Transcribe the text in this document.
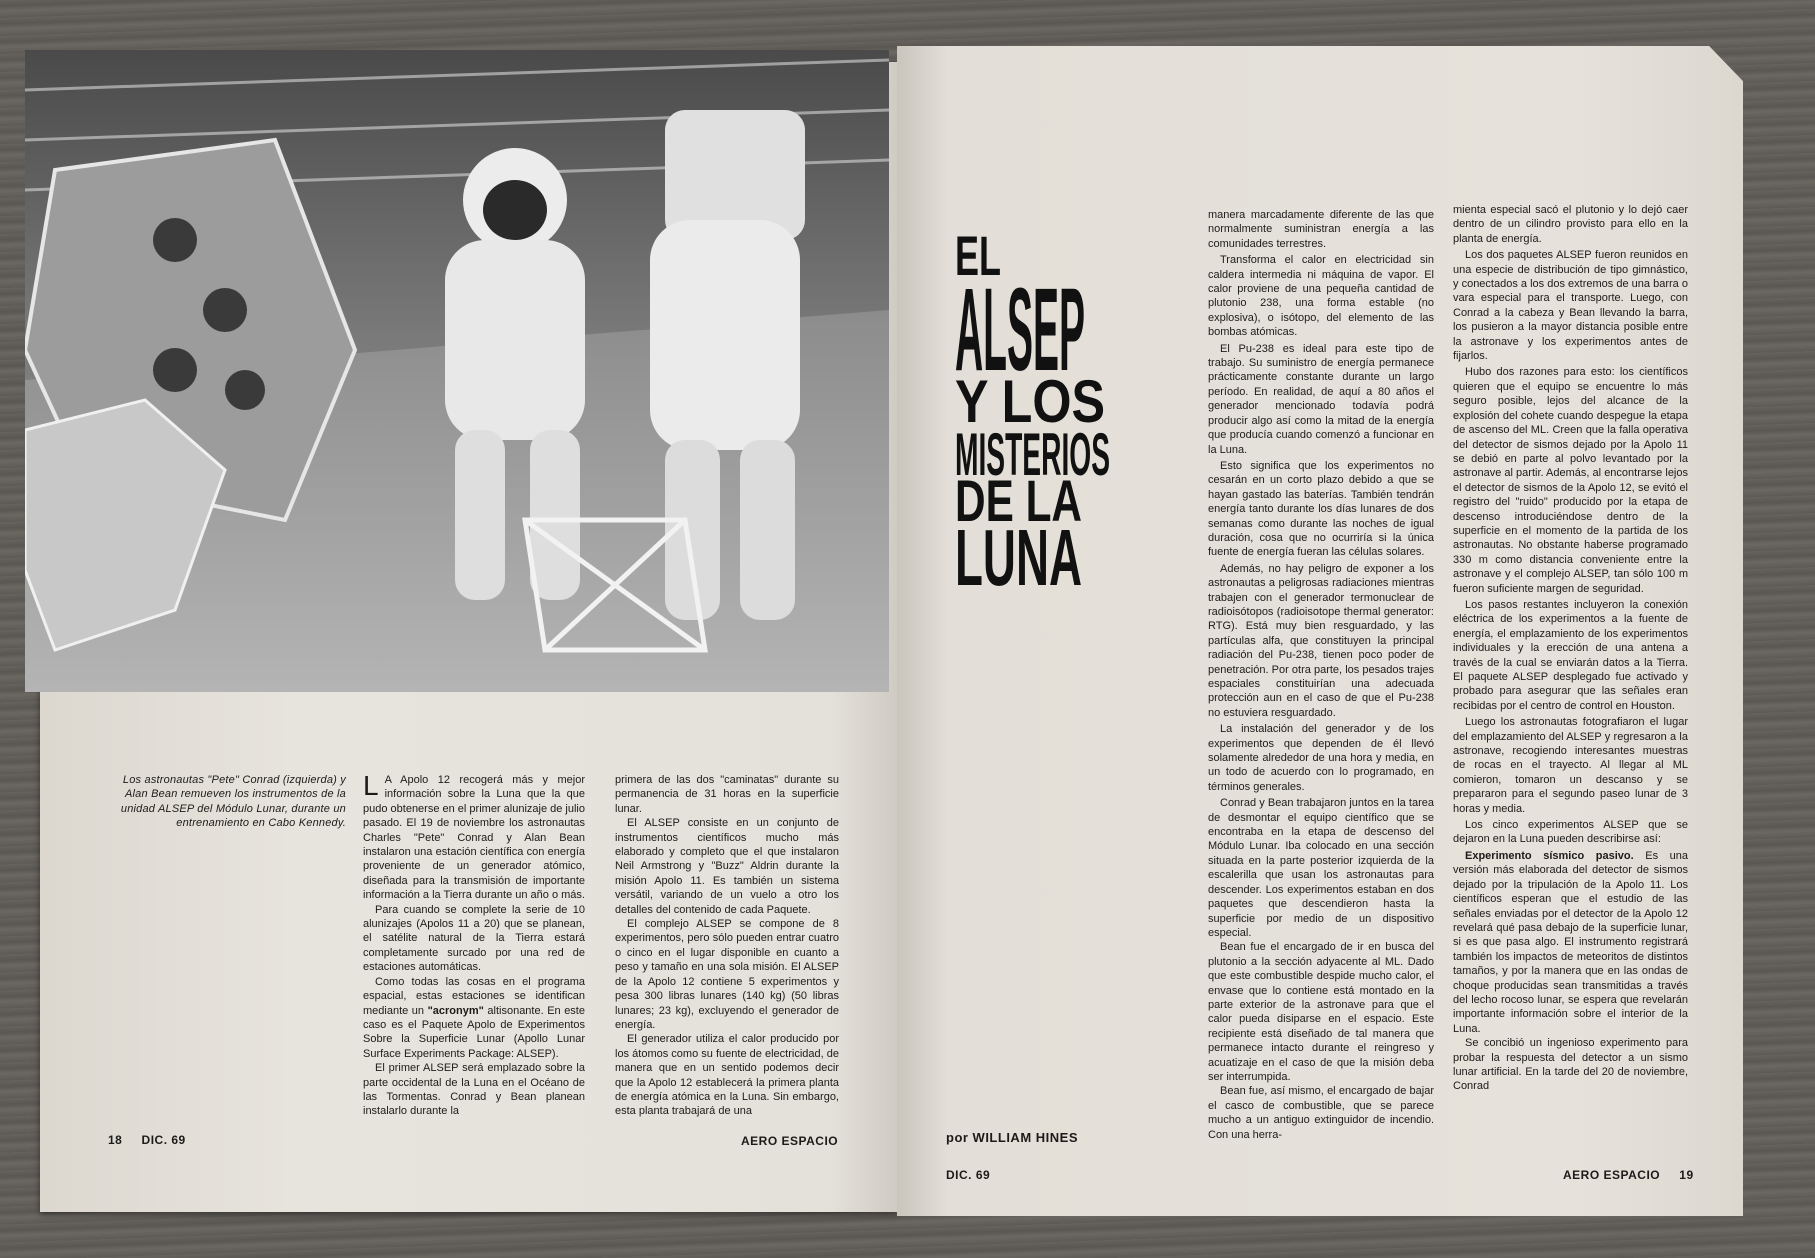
Los astronautas "Pete" Conrad (izquierda) y Alan Bean remueven los instrumentos de la unidad ALSEP del Módulo Lunar, durante un entrenamiento en Cabo Kennedy.

L A Apolo 12 recogerá más y mejor información sobre la Luna que la que pudo obtenerse en el primer alunizaje de julio pasado. El 19 de noviembre los astronautas Charles "Pete" Conrad y Alan Bean instalaron una estación científica con energía proveniente de un generador atómico, diseñada para la transmisión de importante información a la Tierra durante un año o más.

Para cuando se complete la serie de 10 alunizajes (Apolos 11 a 20) que se planean, el satélite natural de la Tierra estará completamente surcado por una red de estaciones automáticas.

Como todas las cosas en el programa espacial, estas estaciones se identifican mediante un "acronym" altisonante. En este caso es el Paquete Apolo de Experimentos Sobre la Superficie Lunar (Apollo Lunar Surface Experiments Package: ALSEP).

El primer ALSEP será emplazado sobre la parte occidental de la Luna en el Océano de las Tormentas. Conrad y Bean planean instalarlo durante la

primera de las dos "caminatas" durante su permanencia de 31 horas en la superficie lunar.

El ALSEP consiste en un conjunto de instrumentos científicos mucho más elaborado y completo que el que instalaron Neil Armstrong y "Buzz" Aldrin durante la misión Apolo 11. Es también un sistema versátil, variando de un vuelo a otro los detalles del contenido de cada Paquete.

El complejo ALSEP se compone de 8 experimentos, pero sólo pueden entrar cuatro o cinco en el lugar disponible en cuanto a peso y tamaño en una sola misión. El ALSEP de la Apolo 12 contiene 5 experimentos y pesa 300 libras lunares (140 kg) (50 libras lunares; 23 kg), excluyendo el generador de energía.

El generador utiliza el calor producido por los átomos como su fuente de electricidad, de manera que en un sentido podemos decir que la Apolo 12 establecerá la primera planta de energía atómica en la Luna. Sin embargo, esta planta trabajará de una

18 DIC. 69	AERO ESPACIO
EL
ALSEP
Y LOS
MISTERIOS
DE LA
LUNA

manera marcadamente diferente de las que normalmente suministran energía a las comunidades terrestres.

Transforma el calor en electricidad sin caldera intermedia ni máquina de vapor. El calor proviene de una pequeña cantidad de plutonio 238, una forma estable (no explosiva), o isótopo, del elemento de las bombas atómicas.

El Pu-238 es ideal para este tipo de trabajo. Su suministro de energía permanece prácticamente constante durante un largo período. En realidad, de aquí a 80 años el generador mencionado todavía podrá producir algo así como la mitad de la energía que producía cuando comenzó a funcionar en la Luna.

Esto significa que los experimentos no cesarán en un corto plazo debido a que se hayan gastado las baterías. También tendrán energía tanto durante los días lunares de dos semanas como durante las noches de igual duración, cosa que no ocurriría si la única fuente de energía fueran las células solares.

Además, no hay peligro de exponer a los astronautas a peligrosas radiaciones mientras trabajen con el generador termonuclear de radioisótopos (radioisotope thermal generator: RTG). Está muy bien resguardado, y las partículas alfa, que constituyen la principal radiación del Pu-238, tienen poco poder de penetración. Por otra parte, los pesados trajes espaciales constituirían una adecuada protección aun en el caso de que el Pu-238 no estuviera resguardado.

La instalación del generador y de los experimentos que dependen de él llevó solamente alrededor de una hora y media, en un todo de acuerdo con lo programado, en términos generales.

Conrad y Bean trabajaron juntos en la tarea de desmontar el equipo científico que se encontraba en la etapa de descenso del Módulo Lunar. Iba colocado en una sección situada en la parte posterior izquierda de la escalerilla que usan los astronautas para descender. Los experimentos estaban en dos paquetes que descendieron hasta la superficie por medio de un dispositivo especial.

Bean fue el encargado de ir en busca del plutonio a la sección adyacente al ML. Dado que este combustible despide mucho calor, el envase que lo contiene está montado en la parte exterior de la astronave para que el calor pueda disiparse en el espacio. Este recipiente está diseñado de tal manera que permanece intacto durante el reingreso y acuatizaje en el caso de que la misión deba ser interrumpida.

Bean fue, así mismo, el encargado de bajar el casco de combustible, que se parece mucho a un antiguo extinguidor de incendio. Con una herra-

mienta especial sacó el plutonio y lo dejó caer dentro de un cilindro provisto para ello en la planta de energía.

Los dos paquetes ALSEP fueron reunidos en una especie de distribución de tipo gimnástico, y conectados a los dos extremos de una barra o vara especial para el transporte. Luego, con Conrad a la cabeza y Bean llevando la barra, los pusieron a la mayor distancia posible entre la astronave y los experimentos antes de fijarlos.

Hubo dos razones para esto: los científicos quieren que el equipo se encuentre lo más seguro posible, lejos del alcance de la explosión del cohete cuando despegue la etapa de ascenso del ML. Creen que la falla operativa del detector de sismos dejado por la Apolo 11 se debió en parte al polvo levantado por la astronave al partir. Además, al encontrarse lejos el detector de sismos de la Apolo 12, se evitó el registro del "ruido" producido por la etapa de descenso introduciéndose dentro de la superficie en el momento de la partida de los astronautas. No obstante haberse programado 330 m como distancia conveniente entre la astronave y el complejo ALSEP, tan sólo 100 m fueron suficiente margen de seguridad.

Los pasos restantes incluyeron la conexión eléctrica de los experimentos a la fuente de energía, el emplazamiento de los experimentos individuales y la erección de una antena a través de la cual se enviarán datos a la Tierra. El paquete ALSEP desplegado fue activado y probado para asegurar que las señales eran recibidas por el centro de control en Houston.

Luego los astronautas fotografiaron el lugar del emplazamiento del ALSEP y regresaron a la astronave, recogiendo interesantes muestras de rocas en el trayecto. Al llegar al ML comieron, tomaron un descanso y se prepararon para el segundo paseo lunar de 3 horas y media.

Los cinco experimentos ALSEP que se dejaron en la Luna pueden describirse así:

Experimento sísmico pasivo. Es una versión más elaborada del detector de sismos dejado por la tripulación de la Apolo 11. Los científicos esperan que el estudio de las señales enviadas por el detector de la Apolo 12 revelará qué pasa debajo de la superficie lunar, si es que pasa algo. El instrumento registrará también los impactos de meteoritos de distintos tamaños, y por la manera que en las ondas de choque producidas sean transmitidas a través del lecho rocoso lunar, se espera que revelarán importante información sobre el interior de la Luna.

Se concibió un ingenioso experimento para probar la respuesta del detector a un sismo lunar artificial. En la tarde del 20 de noviembre, Conrad

por WILLIAM HINES
DIC. 69	AERO ESPACIO 19
